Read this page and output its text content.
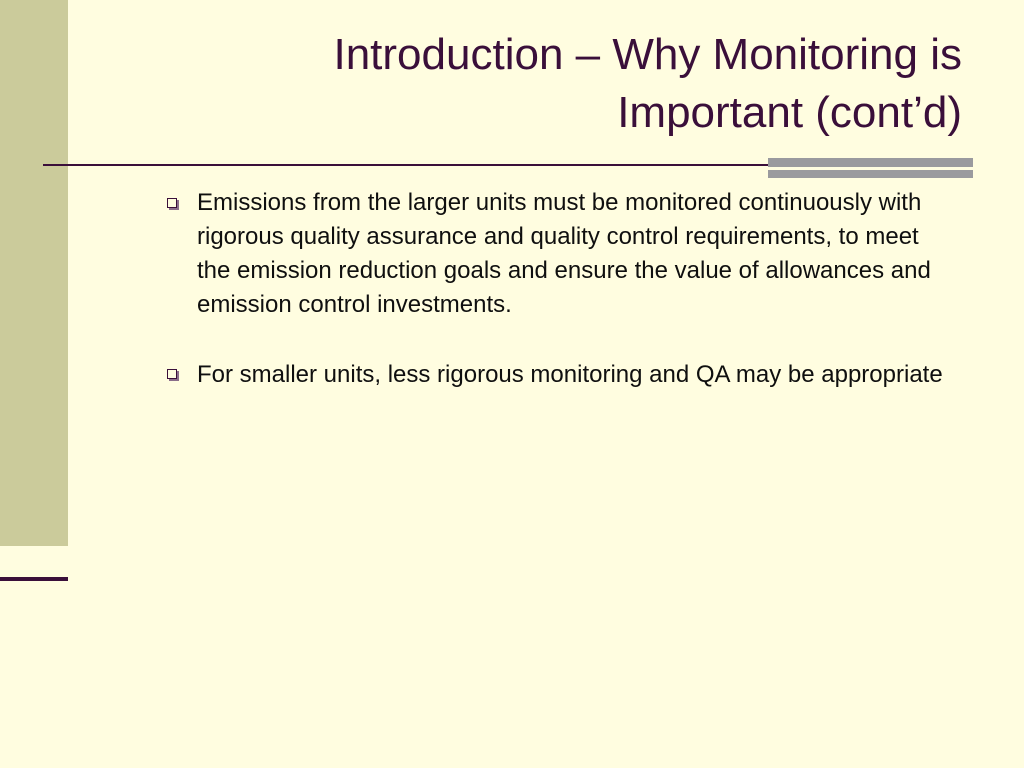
Introduction – Why Monitoring is
Important (cont’d)
Emissions from the larger units must be monitored continuously with rigorous quality assurance and quality control requirements, to meet the emission reduction goals and ensure the value of allowances and emission control investments.
For smaller units, less rigorous monitoring and QA may be appropriate
